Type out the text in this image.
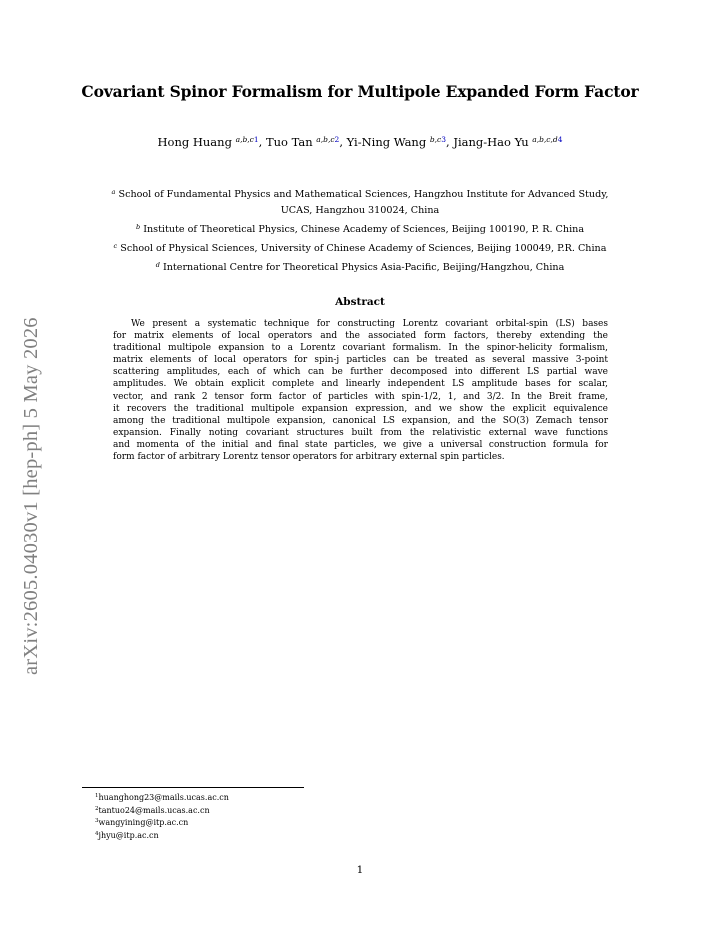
arXiv:2605.04030v1 [hep-ph] 5 May 2026
Covariant Spinor Formalism for Multipole Expanded Form Factor
Hong Huang $^{a,b,c1}$, Tuo Tan $^{a,b,c2}$, Yi-Ning Wang $^{b,c3}$, Jiang-Hao Yu $^{a,b,c,d4}$
$^a$ School of Fundamental Physics and Mathematical Sciences, Hangzhou Institute for Advanced Study,
UCAS, Hangzhou 310024, China
$^b$ Institute of Theoretical Physics, Chinese Academy of Sciences, Beijing 100190, P. R. China
$^c$ School of Physical Sciences, University of Chinese Academy of Sciences, Beijing 100049, P.R. China
$^d$ International Centre for Theoretical Physics Asia-Pacific, Beijing/Hangzhou, China
Abstract
We present a systematic technique for constructing Lorentz covariant orbital-spin (LS) bases
for matrix elements of local operators and the associated form factors, thereby extending the
traditional multipole expansion to a Lorentz covariant formalism. In the spinor-helicity formalism,
matrix elements of local operators for spin-j particles can be treated as several massive 3-point
scattering amplitudes, each of which can be further decomposed into different LS partial wave
amplitudes. We obtain explicit complete and linearly independent LS amplitude bases for scalar,
vector, and rank 2 tensor form factor of particles with spin-1/2, 1, and 3/2. In the Breit frame,
it recovers the traditional multipole expansion expression, and we show the explicit equivalence
among the traditional multipole expansion, canonical LS expansion, and the SO(3) Zemach tensor
expansion. Finally noting covariant structures built from the relativistic external wave functions
and momenta of the initial and final state particles, we give a universal construction formula for
form factor of arbitrary Lorentz tensor operators for arbitrary external spin particles.
$^1$huanghong23@mails.ucas.ac.cn
$^2$tantuo24@mails.ucas.ac.cn
$^3$wangyining@itp.ac.cn
$^4$jhyu@itp.ac.cn
1
